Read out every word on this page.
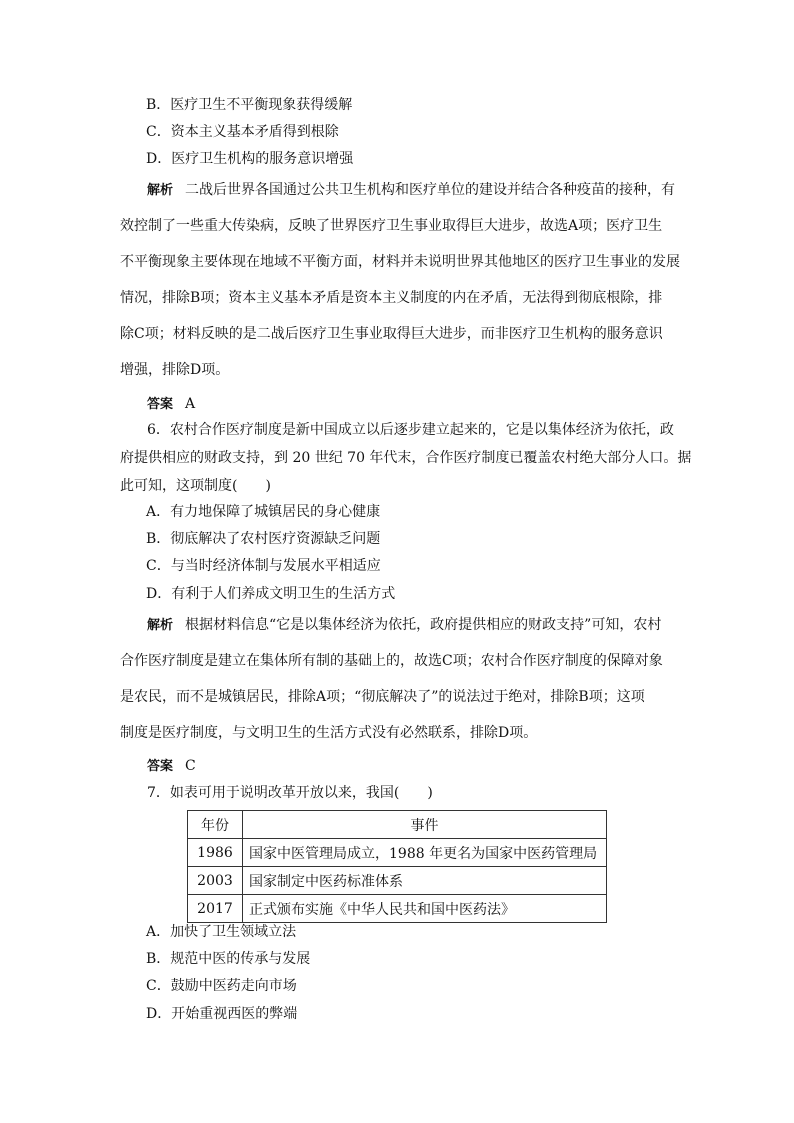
B．医疗卫生不平衡现象获得缓解
C．资本主义基本矛盾得到根除
D．医疗卫生机构的服务意识增强

解析 二战后世界各国通过公共卫生机构和医疗单位的建设并结合各种疫苗的接种，有

效控制了一些重大传染病，反映了世界医疗卫生事业取得巨大进步，故选A项；医疗卫生

不平衡现象主要体现在地域不平衡方面，材料并未说明世界其他地区的医疗卫生事业的发展

情况，排除B项；资本主义基本矛盾是资本主义制度的内在矛盾，无法得到彻底根除，排

除C项；材料反映的是二战后医疗卫生事业取得巨大进步，而非医疗卫生机构的服务意识

增强，排除D项。

答案 A

6．农村合作医疗制度是新中国成立以后逐步建立起来的，它是以集体经济为依托，政

府提供相应的财政支持，到 20 世纪 70 年代末，合作医疗制度已覆盖农村绝大部分人口。据

此可知，这项制度(　　)

A．有力地保障了城镇居民的身心健康
B．彻底解决了农村医疗资源缺乏问题
C．与当时经济体制与发展水平相适应
D．有利于人们养成文明卫生的生活方式

解析 根据材料信息“它是以集体经济为依托，政府提供相应的财政支持”可知，农村

合作医疗制度是建立在集体所有制的基础上的，故选C项；农村合作医疗制度的保障对象

是农民，而不是城镇居民，排除A项；“彻底解决了”的说法过于绝对，排除B项；这项

制度是医疗制度，与文明卫生的生活方式没有必然联系，排除D项。

答案 C
7．如表可用于说明改革开放以来，我国(　　)
年份	事件
1986	国家中医管理局成立，1988 年更名为国家中医药管理局
2003	国家制定中医药标准体系
2017	正式颁布实施《中华人民共和国中医药法》
A．加快了卫生领域立法
B．规范中医的传承与发展
C．鼓励中医药走向市场
D．开始重视西医的弊端
